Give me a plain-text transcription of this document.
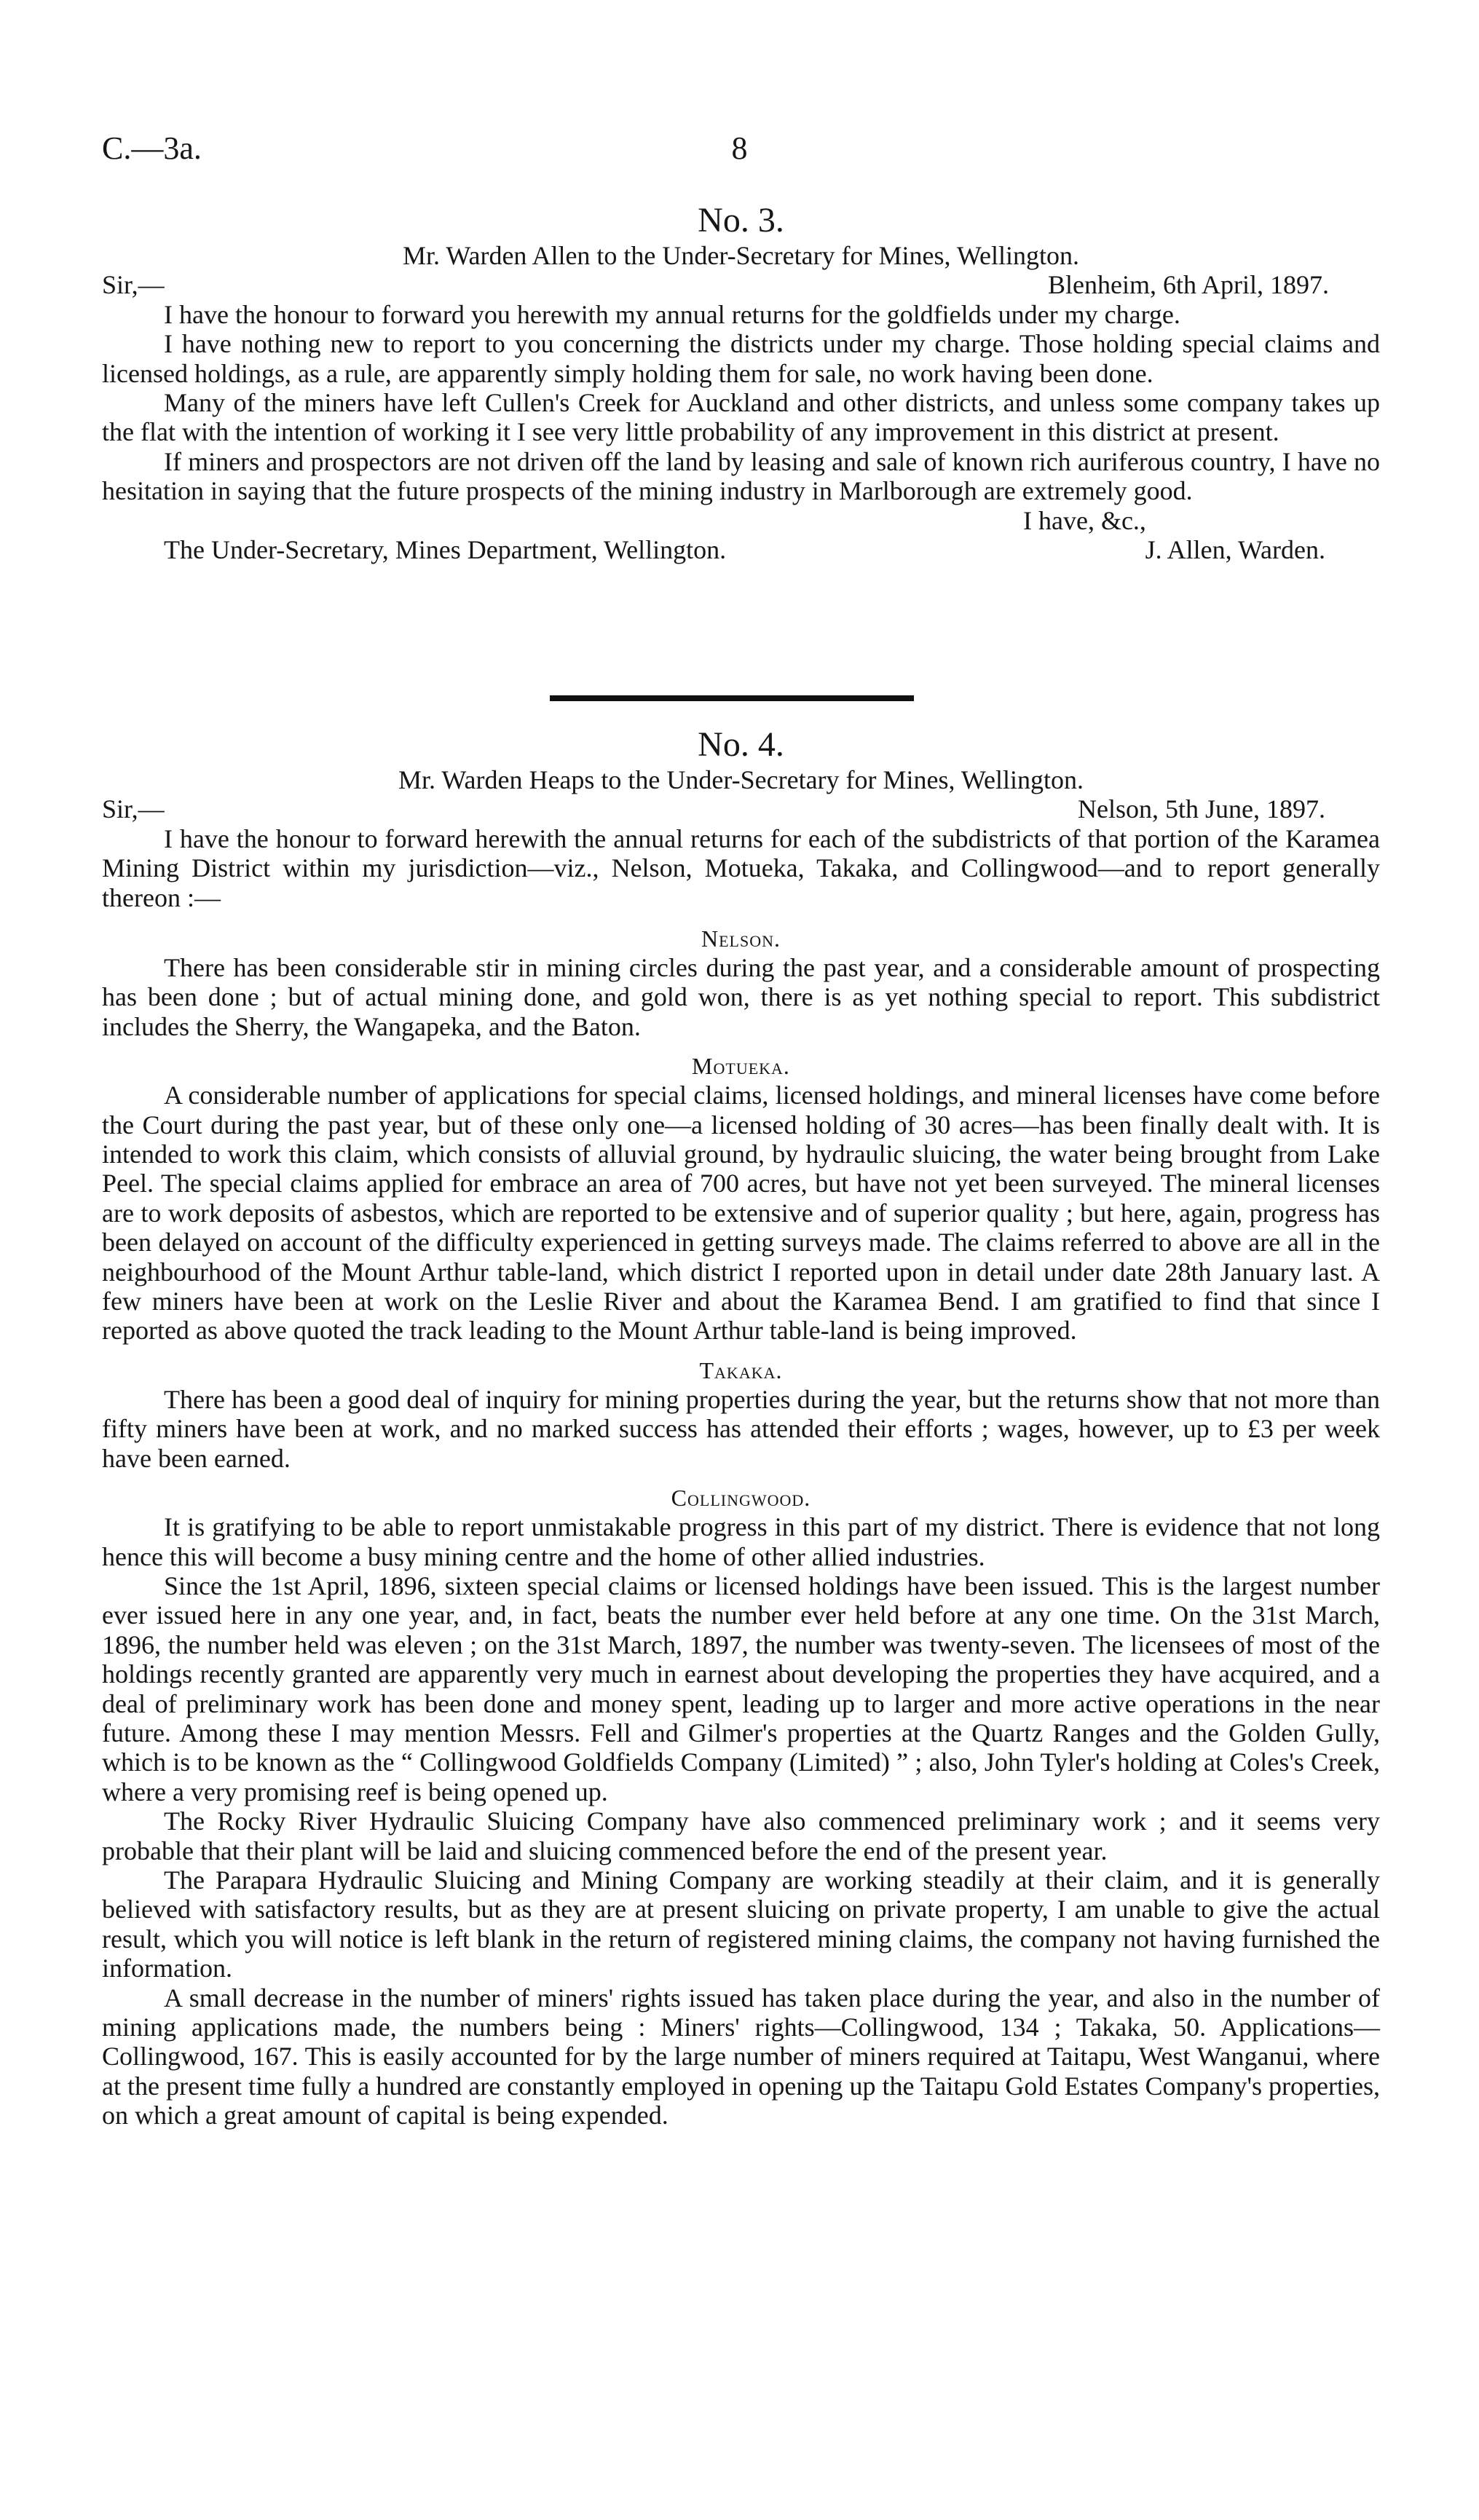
C.—3a.	8
No. 3.
Mr. Warden Allen to the Under-Secretary for Mines, Wellington.
Sir,—	Blenheim, 6th April, 1897.

I have the honour to forward you herewith my annual returns for the goldfields under my charge.

I have nothing new to report to you concerning the districts under my charge. Those holding special claims and licensed holdings, as a rule, are apparently simply holding them for sale, no work having been done.

Many of the miners have left Cullen's Creek for Auckland and other districts, and unless some company takes up the flat with the intention of working it I see very little probability of any improvement in this district at present.

If miners and prospectors are not driven off the land by leasing and sale of known rich auriferous country, I have no hesitation in saying that the future prospects of the mining industry in Marlborough are extremely good.

I have, &c.,
The Under-Secretary, Mines Department, Wellington.	J. Allen, Warden.
No. 4.
Mr. Warden Heaps to the Under-Secretary for Mines, Wellington.
Sir,—	Nelson, 5th June, 1897.

I have the honour to forward herewith the annual returns for each of the subdistricts of that portion of the Karamea Mining District within my jurisdiction—viz., Nelson, Motueka, Takaka, and Collingwood—and to report generally thereon :—

Nelson.

There has been considerable stir in mining circles during the past year, and a considerable amount of prospecting has been done ; but of actual mining done, and gold won, there is as yet nothing special to report. This subdistrict includes the Sherry, the Wangapeka, and the Baton.

Motueka.

A considerable number of applications for special claims, licensed holdings, and mineral licenses have come before the Court during the past year, but of these only one—a licensed holding of 30 acres—has been finally dealt with. It is intended to work this claim, which consists of alluvial ground, by hydraulic sluicing, the water being brought from Lake Peel. The special claims applied for embrace an area of 700 acres, but have not yet been surveyed. The mineral licenses are to work deposits of asbestos, which are reported to be extensive and of superior quality ; but here, again, progress has been delayed on account of the difficulty experienced in getting surveys made. The claims referred to above are all in the neighbourhood of the Mount Arthur table-land, which district I reported upon in detail under date 28th January last. A few miners have been at work on the Leslie River and about the Karamea Bend. I am gratified to find that since I reported as above quoted the track leading to the Mount Arthur table-land is being improved.

Takaka.

There has been a good deal of inquiry for mining properties during the year, but the returns show that not more than fifty miners have been at work, and no marked success has attended their efforts ; wages, however, up to £3 per week have been earned.

Collingwood.

It is gratifying to be able to report unmistakable progress in this part of my district. There is evidence that not long hence this will become a busy mining centre and the home of other allied industries.

Since the 1st April, 1896, sixteen special claims or licensed holdings have been issued. This is the largest number ever issued here in any one year, and, in fact, beats the number ever held before at any one time. On the 31st March, 1896, the number held was eleven ; on the 31st March, 1897, the number was twenty-seven. The licensees of most of the holdings recently granted are apparently very much in earnest about developing the properties they have acquired, and a deal of preliminary work has been done and money spent, leading up to larger and more active operations in the near future. Among these I may mention Messrs. Fell and Gilmer's properties at the Quartz Ranges and the Golden Gully, which is to be known as the “ Collingwood Goldfields Company (Limited) ” ; also, John Tyler's holding at Coles's Creek, where a very promising reef is being opened up.

The Rocky River Hydraulic Sluicing Company have also commenced preliminary work ; and it seems very probable that their plant will be laid and sluicing commenced before the end of the present year.

The Parapara Hydraulic Sluicing and Mining Company are working steadily at their claim, and it is generally believed with satisfactory results, but as they are at present sluicing on private property, I am unable to give the actual result, which you will notice is left blank in the return of registered mining claims, the company not having furnished the information.

A small decrease in the number of miners' rights issued has taken place during the year, and also in the number of mining applications made, the numbers being : Miners' rights—Collingwood, 134 ; Takaka, 50. Applications—Collingwood, 167. This is easily accounted for by the large number of miners required at Taitapu, West Wanganui, where at the present time fully a hundred are constantly employed in opening up the Taitapu Gold Estates Company's properties, on which a great amount of capital is being expended.
